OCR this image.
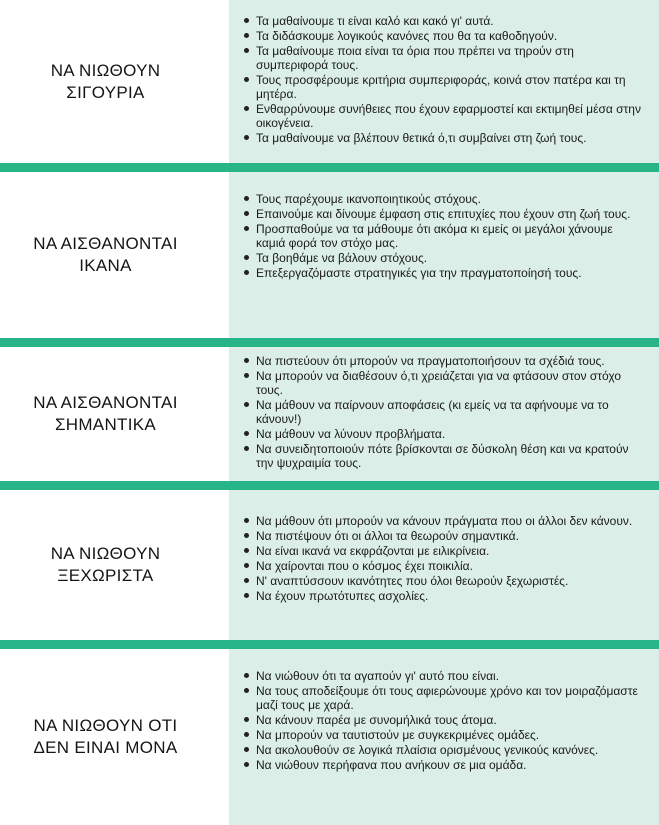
ΝΑ ΝΙΩΘΟΥΝ
ΣΙΓΟΥΡΙΑ
Τα μαθαίνουμε τι είναι καλό και κακό γι' αυτά.
Τα διδάσκουμε λογικούς κανόνες που θα τα καθοδηγούν.
Τα μαθαίνουμε ποια είναι τα όρια που πρέπει να τηρούν στη συμπεριφορά τους.
Τους προσφέρουμε κριτήρια συμπεριφοράς, κοινά στον πατέρα και τη μητέρα.
Ενθαρρύνουμε συνήθειες που έχουν εφαρμοστεί και εκτιμηθεί μέσα στην οικογένεια.
Τα μαθαίνουμε να βλέπουν θετικά ό,τι συμβαίνει στη ζωή τους.
ΝΑ ΑΙΣΘΑΝΟΝΤΑΙ
ΙΚΑΝΑ
Τους παρέχουμε ικανοποιητικούς στόχους.
Επαινούμε και δίνουμε έμφαση στις επιτυχίες που έχουν στη ζωή τους.
Προσπαθούμε να τα μάθουμε ότι ακόμα κι εμείς οι μεγάλοι χάνουμε καμιά φορά τον στόχο μας.
Τα βοηθάμε να βάλουν στόχους.
Επεξεργαζόμαστε στρατηγικές για την πραγματοποίησή τους.
ΝΑ ΑΙΣΘΑΝΟΝΤΑΙ
ΣΗΜΑΝΤΙΚΑ
Να πιστεύουν ότι μπορούν να πραγματοποιήσουν τα σχέδιά τους.
Να μπορούν να διαθέσουν ό,τι χρειάζεται για να φτάσουν στον στόχο τους.
Να μάθουν να παίρνουν αποφάσεις (κι εμείς να τα αφήνουμε να το κάνουν!)
Να μάθουν να λύνουν προβλήματα.
Να συνειδητοποιούν πότε βρίσκονται σε δύσκολη θέση και να κρατούν την ψυχραιμία τους.
ΝΑ ΝΙΩΘΟΥΝ
ΞΕΧΩΡΙΣΤΑ
Να μάθουν ότι μπορούν να κάνουν πράγματα που οι άλλοι δεν κάνουν.
Να πιστέψουν ότι οι άλλοι τα θεωρούν σημαντικά.
Να είναι ικανά να εκφράζονται με ειλικρίνεια.
Να χαίρονται που ο κόσμος έχει ποικιλία.
Ν' αναπτύσσουν ικανότητες που όλοι θεωρούν ξεχωριστές.
Να έχουν πρωτότυπες ασχολίες.
ΝΑ ΝΙΩΘΟΥΝ ΟΤΙ
ΔΕΝ ΕΙΝΑΙ ΜΟΝΑ
Να νιώθουν ότι τα αγαπούν γι' αυτό που είναι.
Να τους αποδείξουμε ότι τους αφιερώνουμε χρόνο και τον μοιραζόμαστε μαζί τους με χαρά.
Να κάνουν παρέα με συνομήλικά τους άτομα.
Να μπορούν να ταυτιστούν με συγκεκριμένες ομάδες.
Να ακολουθούν σε λογικά πλαίσια ορισμένους γενικούς κανόνες.
Να νιώθουν περήφανα που ανήκουν σε μια ομάδα.
